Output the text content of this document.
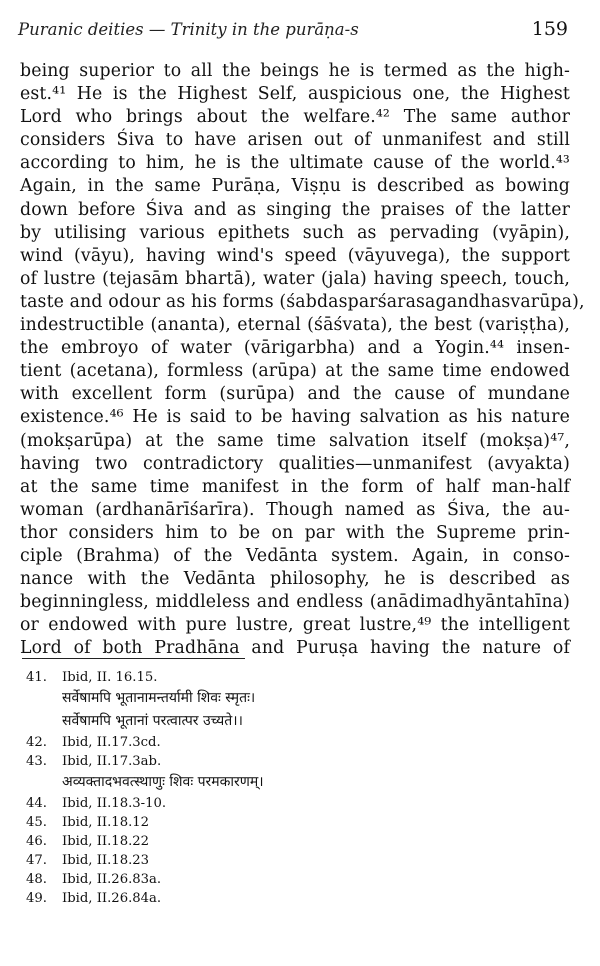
Puranic deities — Trinity in the purāṇa-s	159
being superior to all the beings he is termed as the high-
est.⁴¹ He is the Highest Self, auspicious one, the Highest
Lord who brings about the welfare.⁴² The same author
considers Śiva to have arisen out of unmanifest and still
according to him, he is the ultimate cause of the world.⁴³
Again, in the same Purāṇa, Viṣṇu is described as bowing
down before Śiva and as singing the praises of the latter
by utilising various epithets such as pervading (vyāpin),
wind (vāyu), having wind's speed (vāyuvega), the support
of lustre (tejasām bhartā), water (jala) having speech, touch,
taste and odour as his forms (śabdasparśarasagandhasvarūpa),
indestructible (ananta), eternal (śāśvata), the best (variṣṭha),
the embroyo of water (vārigarbha) and a Yogin.⁴⁴ insen-
tient (acetana), formless (arūpa) at the same time endowed
with excellent form (surūpa) and the cause of mundane
existence.⁴⁶ He is said to be having salvation as his nature
(mokṣarūpa) at the same time salvation itself (mokṣa)⁴⁷,
having two contradictory qualities—unmanifest (avyakta)
at the same time manifest in the form of half man-half
woman (ardhanārīśarīra). Though named as Śiva, the au-
thor considers him to be on par with the Supreme prin-
ciple (Brahma) of the Vedānta system. Again, in conso-
nance with the Vedānta philosophy, he is described as
beginningless, middleless and endless (anādimadhyāntahīna)
or endowed with pure lustre, great lustre,⁴⁹ the intelligent
Lord of both Pradhāna and Puruṣa having the nature of
41. Ibid, II. 16.15.
सर्वेषामपि भूतानामन्तर्यामी शिवः स्मृतः।
सर्वेषामपि भूतानां परत्वात्पर उच्यते।।
42. Ibid, II.17.3cd.
43. Ibid, II.17.3ab.
अव्यक्तादभवत्स्थाणुः शिवः परमकारणम्।
44. Ibid, II.18.3-10.
45. Ibid, II.18.12
46. Ibid, II.18.22
47. Ibid, II.18.23
48. Ibid, II.26.83a.
49. Ibid, II.26.84a.
